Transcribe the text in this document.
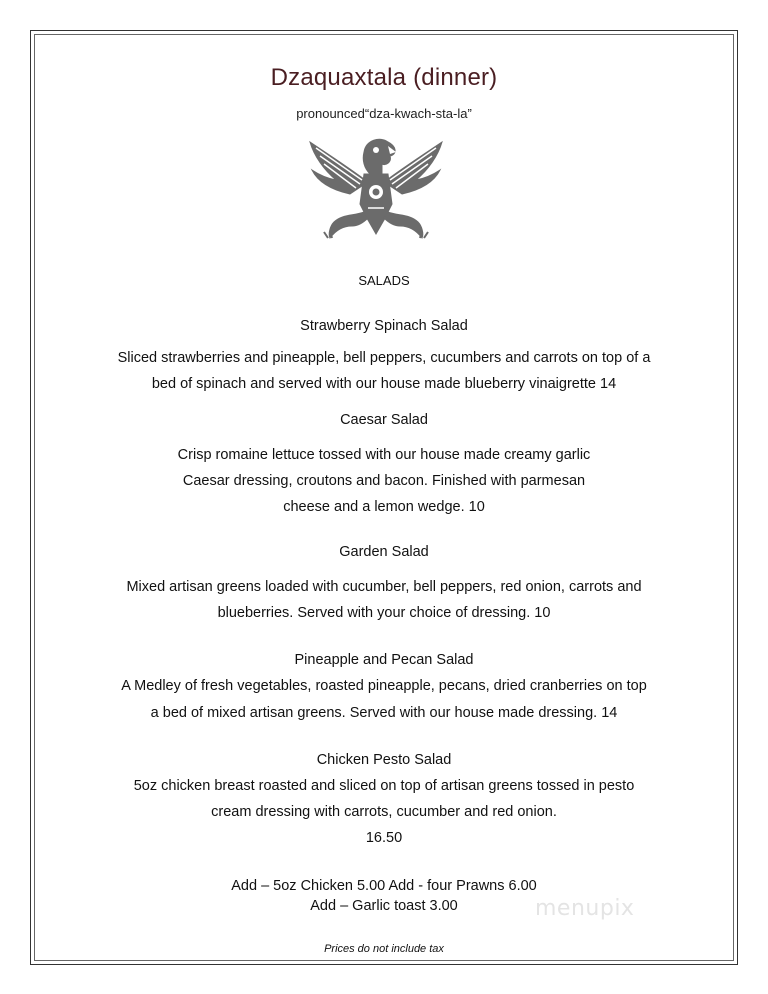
Dzaquaxtala (dinner)
pronounced“dza-kwach-sta-la”
SALADS
Strawberry Spinach Salad
Sliced strawberries and pineapple, bell peppers, cucumbers and carrots on top of a
bed of spinach and served with our house made blueberry vinaigrette 14
Caesar Salad
Crisp romaine lettuce tossed with our house made creamy garlic
Caesar dressing, croutons and bacon. Finished with parmesan
cheese and a lemon wedge. 10
Garden Salad
Mixed artisan greens loaded with cucumber, bell peppers, red onion, carrots and
blueberries. Served with your choice of dressing. 10
Pineapple and Pecan Salad
A Medley of fresh vegetables, roasted pineapple, pecans, dried cranberries on top
a bed of mixed artisan greens. Served with our house made dressing. 14
Chicken Pesto Salad
5oz chicken breast roasted and sliced on top of artisan greens tossed in pesto
cream dressing with carrots, cucumber and red onion.
16.50
Add – 5oz Chicken 5.00 Add - four Prawns 6.00
Add – Garlic toast 3.00	menupix
Prices do not include tax
